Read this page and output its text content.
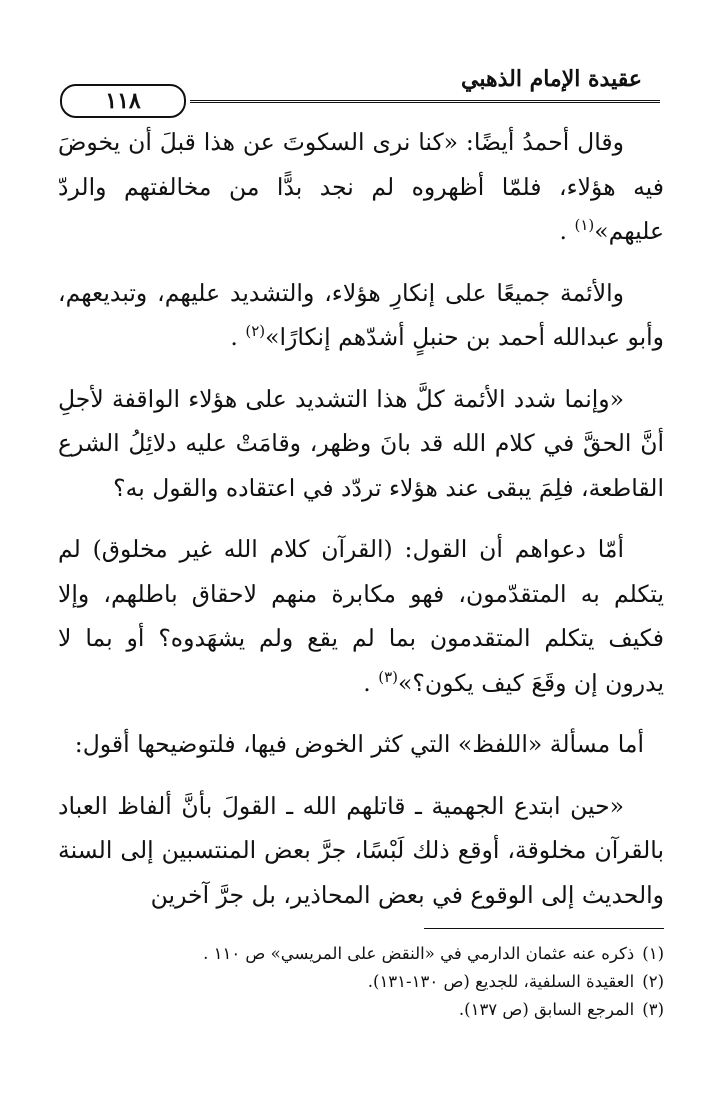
عقيدة الإمام الذهبي
١١٨

وقال أحمدُ أيضًا: «كنا نرى السكوتَ عن هذا قبلَ أن يخوضَ فيه هؤلاء، فلمّا أظهروه لم نجد بدًّا من مخالفتهم والردّ عليهم»$^{(١)}$ .

والأئمة جميعًا على إنكارِ هؤلاء، والتشديد عليهم، وتبديعهم، وأبو عبدالله أحمد بن حنبلٍ أشدّهم إنكارًا»$^{(٢)}$ .

«وإنما شدد الأئمة كلَّ هذا التشديد على هؤلاء الواقفة لأجلِ أنَّ الحقَّ في كلام الله قد بانَ وظهر، وقامَتْ عليه دلائِلُ الشرع القاطعة، فلِمَ يبقى عند هؤلاء تردّد في اعتقاده والقول به؟

أمّا دعواهم أن القول: (القرآن كلام الله غير مخلوق) لم يتكلم به المتقدّمون، فهو مكابرة منهم لاحقاق باطلهم، وإلا فكيف يتكلم المتقدمون بما لم يقع ولم يشهَدوه؟ أو بما لا يدرون إن وقَعَ كيف يكون؟»$^{(٣)}$ .

أما مسألة «اللفظ» التي كثر الخوض فيها، فلتوضيحها أقول:

«حين ابتدع الجهمية ـ قاتلهم الله ـ القولَ بأنَّ ألفاظ العباد بالقرآن مخلوقة، أوقع ذلك لَبْسًا، جرَّ بعض المنتسبين إلى السنة والحديث إلى الوقوع في بعض المحاذير، بل جرَّ آخرين

(١)ذكره عنه عثمان الدارمي في «النقض على المريسي» ص ١١٠ .
(٢)العقيدة السلفية، للجديع (ص ١٣٠-١٣١).
(٣)المرجع السابق (ص ١٣٧).
